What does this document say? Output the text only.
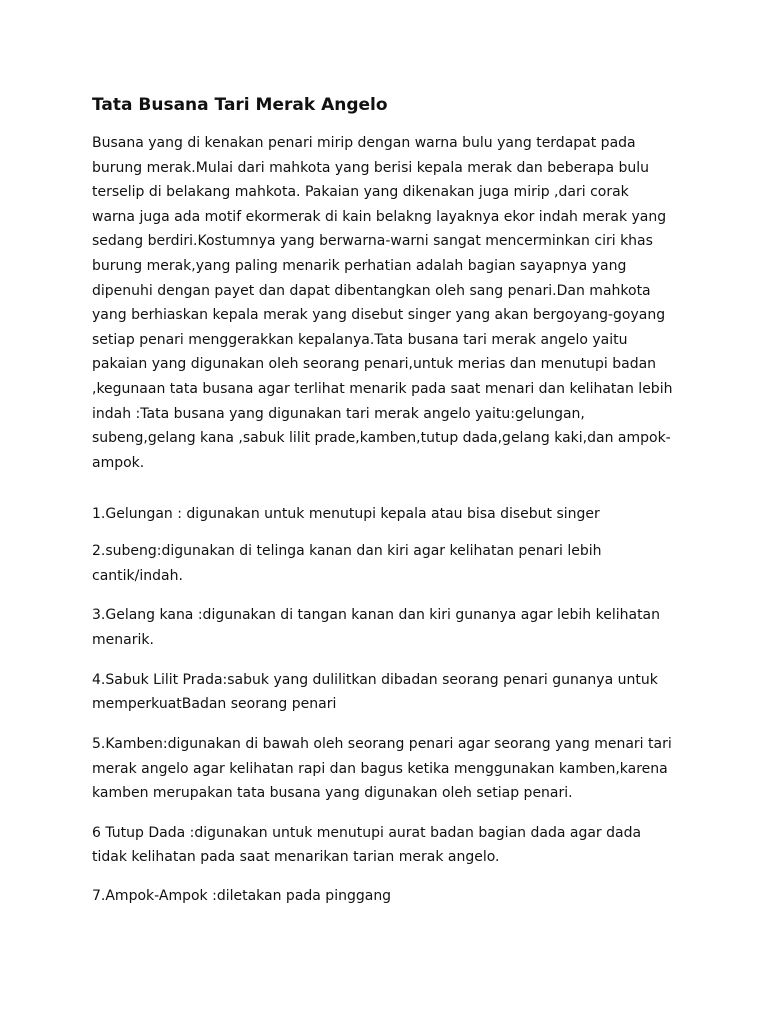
Tata Busana Tari Merak Angelo

Busana yang di kenakan penari mirip dengan warna bulu yang terdapat pada

burung merak.Mulai dari mahkota yang berisi kepala merak dan beberapa bulu

terselip di belakang mahkota. Pakaian yang dikenakan juga mirip ,dari corak

warna juga ada motif ekormerak di kain belakng layaknya ekor indah merak yang

sedang berdiri.Kostumnya yang berwarna-warni sangat mencerminkan ciri khas

burung merak,yang paling menarik perhatian adalah bagian sayapnya yang

dipenuhi dengan payet dan dapat dibentangkan oleh sang penari.Dan mahkota

yang berhiaskan kepala merak yang disebut singer yang akan bergoyang-goyang

setiap penari menggerakkan kepalanya.Tata busana tari merak angelo yaitu

pakaian yang digunakan oleh seorang penari,untuk merias dan menutupi badan

,kegunaan tata busana agar terlihat menarik pada saat menari dan kelihatan lebih

indah :Tata busana yang digunakan tari merak angelo yaitu:gelungan,

subeng,gelang kana ,sabuk lilit prade,kamben,tutup dada,gelang kaki,dan ampok-

ampok.

1.Gelungan : digunakan untuk menutupi kepala atau bisa disebut singer

2.subeng:digunakan di telinga kanan dan kiri agar kelihatan penari lebih

cantik/indah.

3.Gelang kana :digunakan di tangan kanan dan kiri gunanya agar lebih kelihatan

menarik.

4.Sabuk Lilit Prada:sabuk yang dulilitkan dibadan seorang penari gunanya untuk

memperkuatBadan seorang penari

5.Kamben:digunakan di bawah oleh seorang penari agar seorang yang menari tari

merak angelo agar kelihatan rapi dan bagus ketika menggunakan kamben,karena

kamben merupakan tata busana yang digunakan oleh setiap penari.

6 Tutup Dada :digunakan untuk menutupi aurat badan bagian dada agar dada

tidak kelihatan pada saat menarikan tarian merak angelo.

7.Ampok-Ampok :diletakan pada pinggang
